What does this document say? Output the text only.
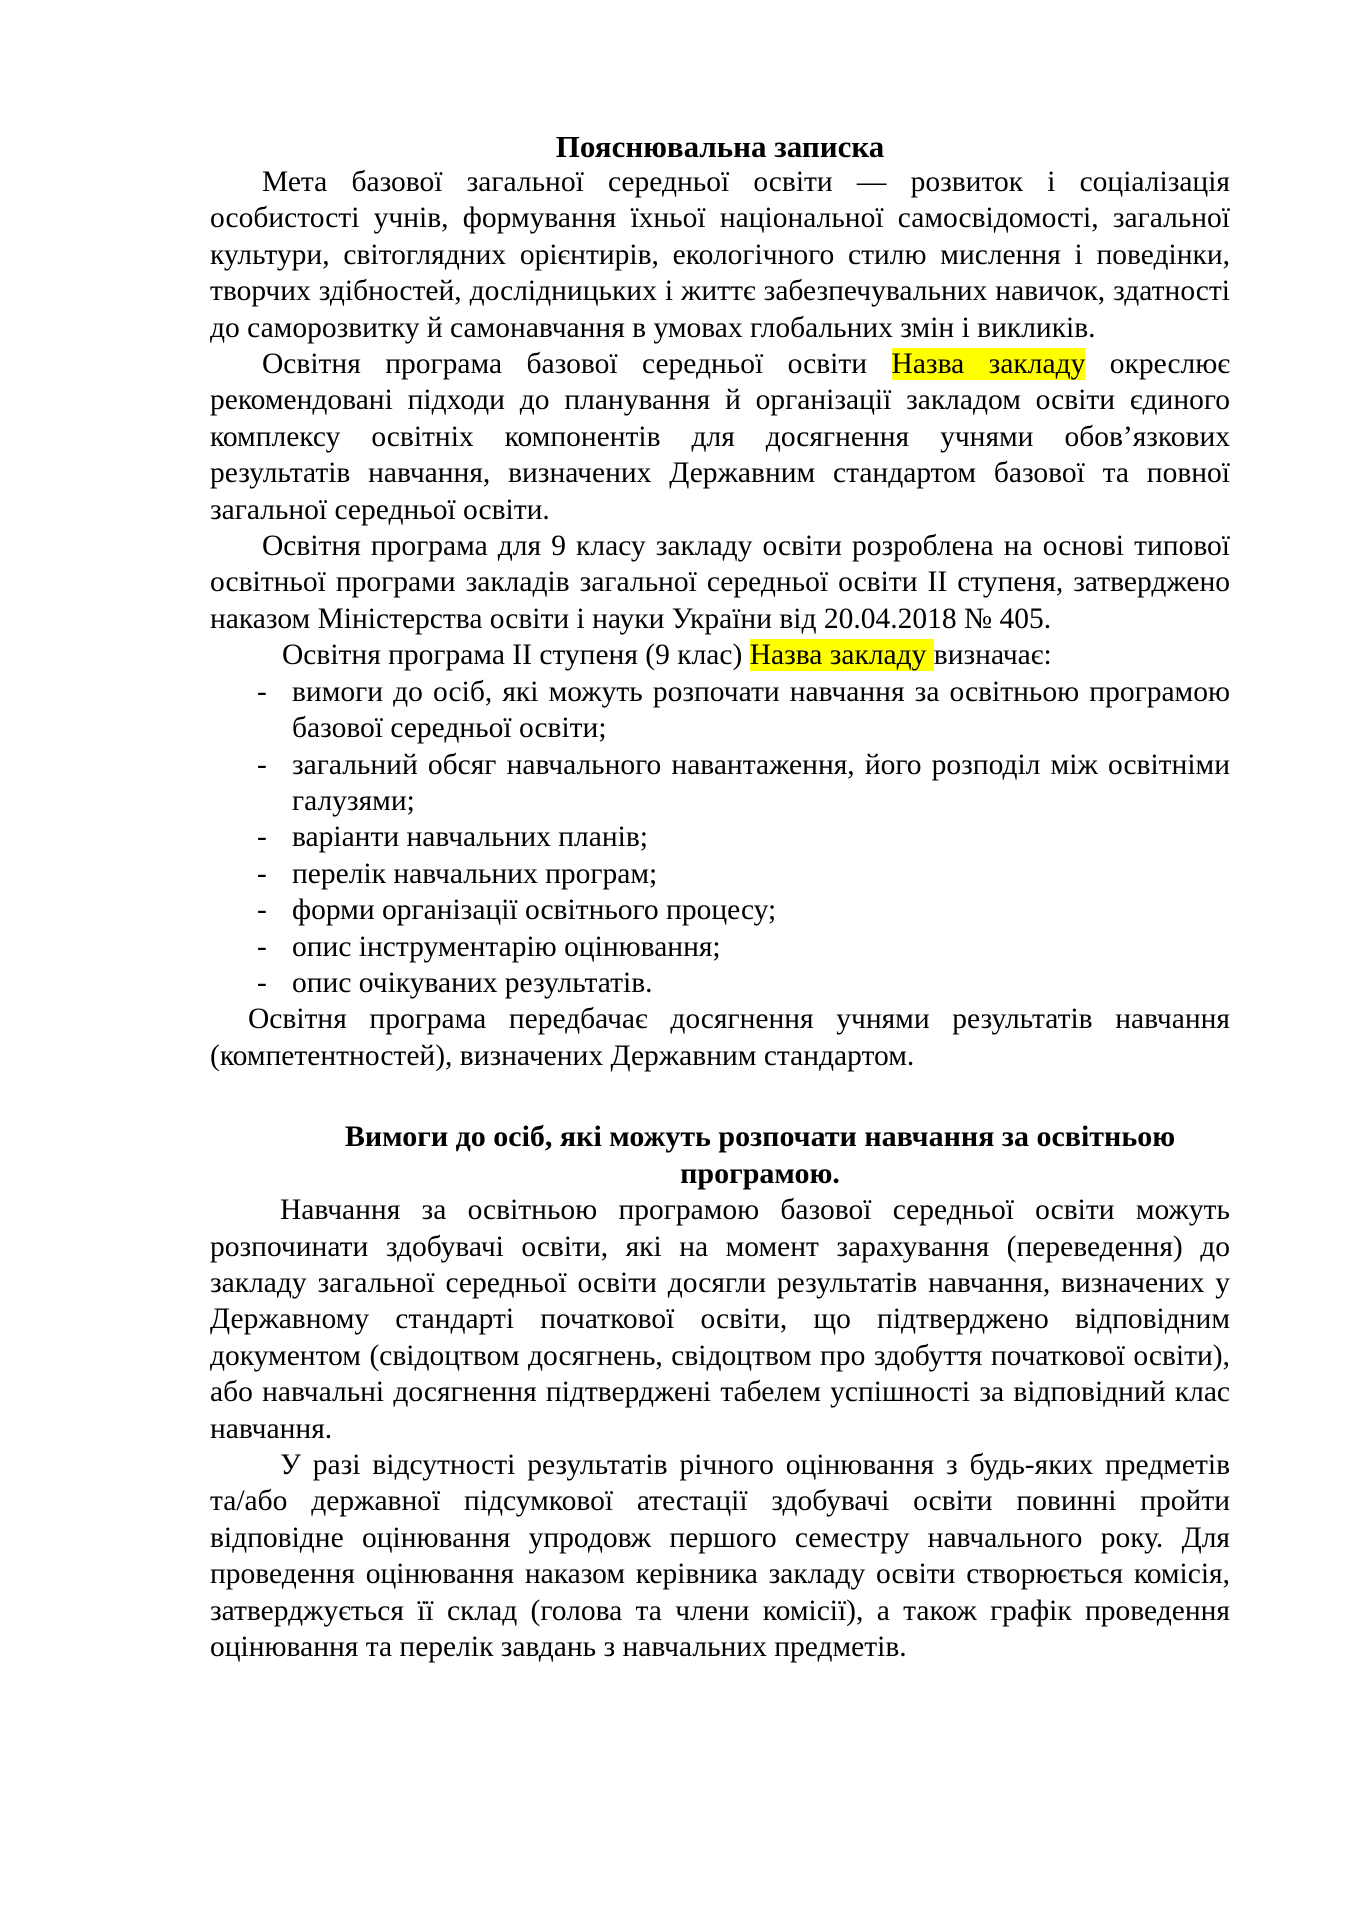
Пояснювальна записка

Мета базової загальної середньої освіти — розвиток і соціалізація особистості учнів, формування їхньої національної самосвідомості, загальної культури, світоглядних орієнтирів, екологічного стилю мислення і поведінки, творчих здібностей, дослідницьких і життє забезпечувальних навичок, здатності до саморозвитку й самонавчання в умовах глобальних змін і викликів.

Освітня програма базової середньої освіти Назва закладу окреслює рекомендовані підходи до планування й організації закладом освіти єдиного комплексу освітніх компонентів для досягнення учнями обов’язкових результатів навчання, визначених Державним стандартом базової та повної загальної середньої освіти.

Освітня програма для 9 класу закладу освіти розроблена на основі типової освітньої програми закладів загальної середньої освіти ІІ ступеня, затверджено наказом Міністерства освіти і науки України від 20.04.2018 № 405.

Освітня програма ІІ ступеня (9 клас) Назва закладу визначає:

- вимоги до осіб, які можуть розпочати навчання за освітньою програмою базової середньої освіти;
- загальний обсяг навчального навантаження, його розподіл між освітніми галузями;
- варіанти навчальних планів;
- перелік навчальних програм;
- форми організації освітнього процесу;
- опис інструментарію оцінювання;
- опис очікуваних результатів.

Освітня програма передбачає досягнення учнями результатів навчання (компетентностей), визначених Державним стандартом.

Вимоги до осіб, які можуть розпочати навчання за освітньою програмою.

Навчання за освітньою програмою базової середньої освіти можуть розпочинати здобувачі освіти, які на момент зарахування (переведення) до закладу загальної середньої освіти досягли результатів навчання, визначених у Державному стандарті початкової освіти, що підтверджено відповідним документом (свідоцтвом досягнень, свідоцтвом про здобуття початкової освіти), або навчальні досягнення підтверджені табелем успішності за відповідний клас навчання.

У разі відсутності результатів річного оцінювання з будь-яких предметів та/або державної підсумкової атестації здобувачі освіти повинні пройти відповідне оцінювання упродовж першого семестру навчального року. Для проведення оцінювання наказом керівника закладу освіти створюється комісія, затверджується її склад (голова та члени комісії), а також графік проведення оцінювання та перелік завдань з навчальних предметів.
